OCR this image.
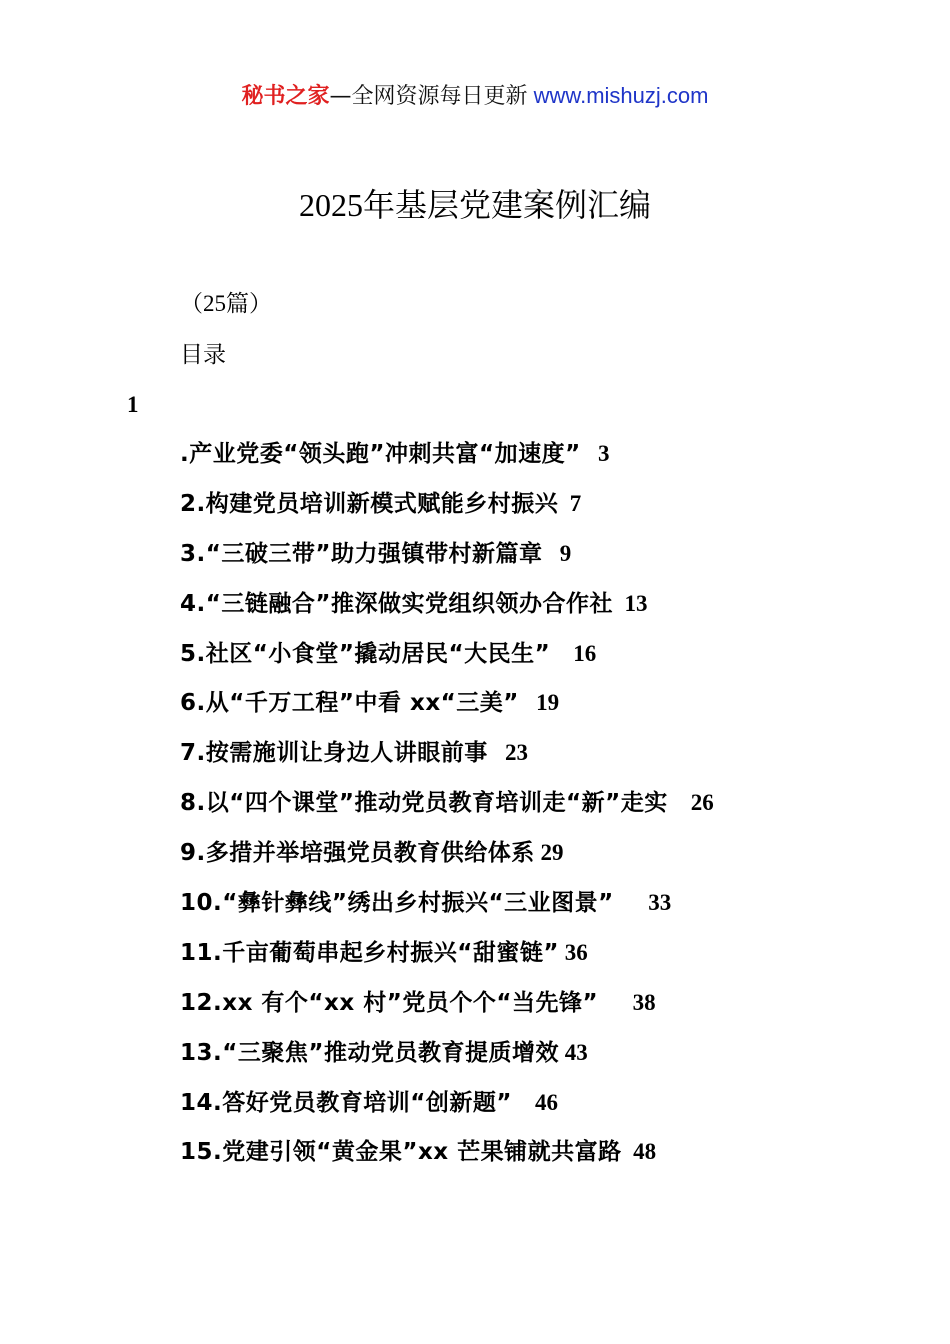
秘书之家—全网资源每日更新 www.mishuzj.com
2025年基层党建案例汇编
（25篇）
目录
1
.产业党委“领头跑”冲刺共富“加速度”   3
2.构建党员培训新模式赋能乡村振兴  7
3.“三破三带”助力强镇带村新篇章   9
4.“三链融合”推深做实党组织领办合作社  13
5.社区“小食堂”撬动居民“大民生”    16
6.从“千万工程”中看 xx“三美”   19
7.按需施训让身边人讲眼前事   23
8.以“四个课堂”推动党员教育培训走“新”走实    26
9.多措并举培强党员教育供给体系 29
10.“彝针彝线”绣出乡村振兴“三业图景”      33
11.千亩葡萄串起乡村振兴“甜蜜链” 36
12.xx 有个“xx 村”党员个个“当先锋”      38
13.“三聚焦”推动党员教育提质增效 43
14.答好党员教育培训“创新题”    46
15.党建引领“黄金果”xx 芒果铺就共富路  48
